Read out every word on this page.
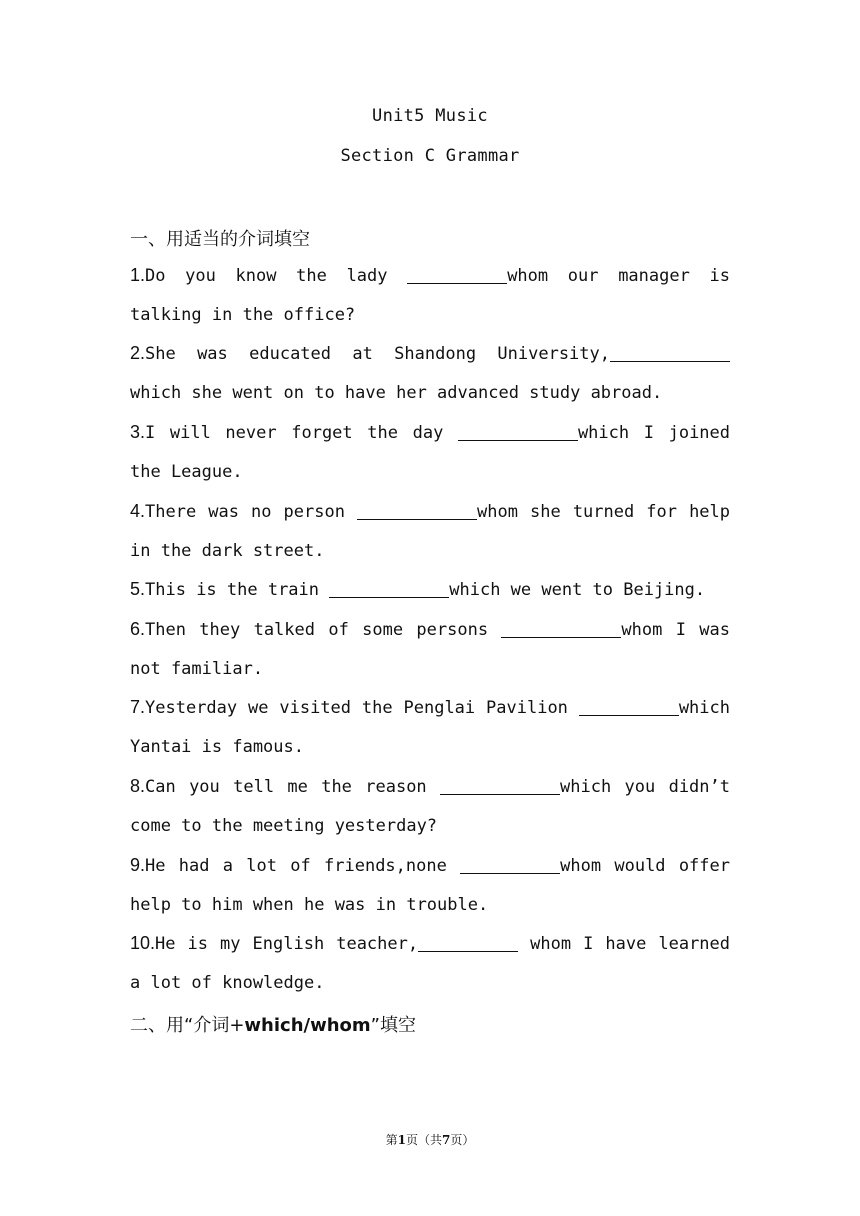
Unit5 Music
Section C Grammar
一、用适当的介词填空
1.Do you know the lady	whom our manager is talking in the office?
2.She was educated at Shandong University, which she went on to have her advanced study abroad.
3.I will never forget the day	which I joined the League.
4.There was no person	whom she turned for help in the dark street.
5.This is the train	which we went to Beijing.
6.Then they talked of some persons	whom I was not familiar.
7.Yesterday we visited the Penglai Pavilion	which Yantai is famous.
8.Can you tell me the reason	which you didn’t come to the meeting yesterday?
9.He had a lot of friends,none	whom would offer help to him when he was in trouble.
10.He is my English teacher,	whom I have learned a lot of knowledge.
二、用“介词+which/whom”填空
第1页（共7页）
